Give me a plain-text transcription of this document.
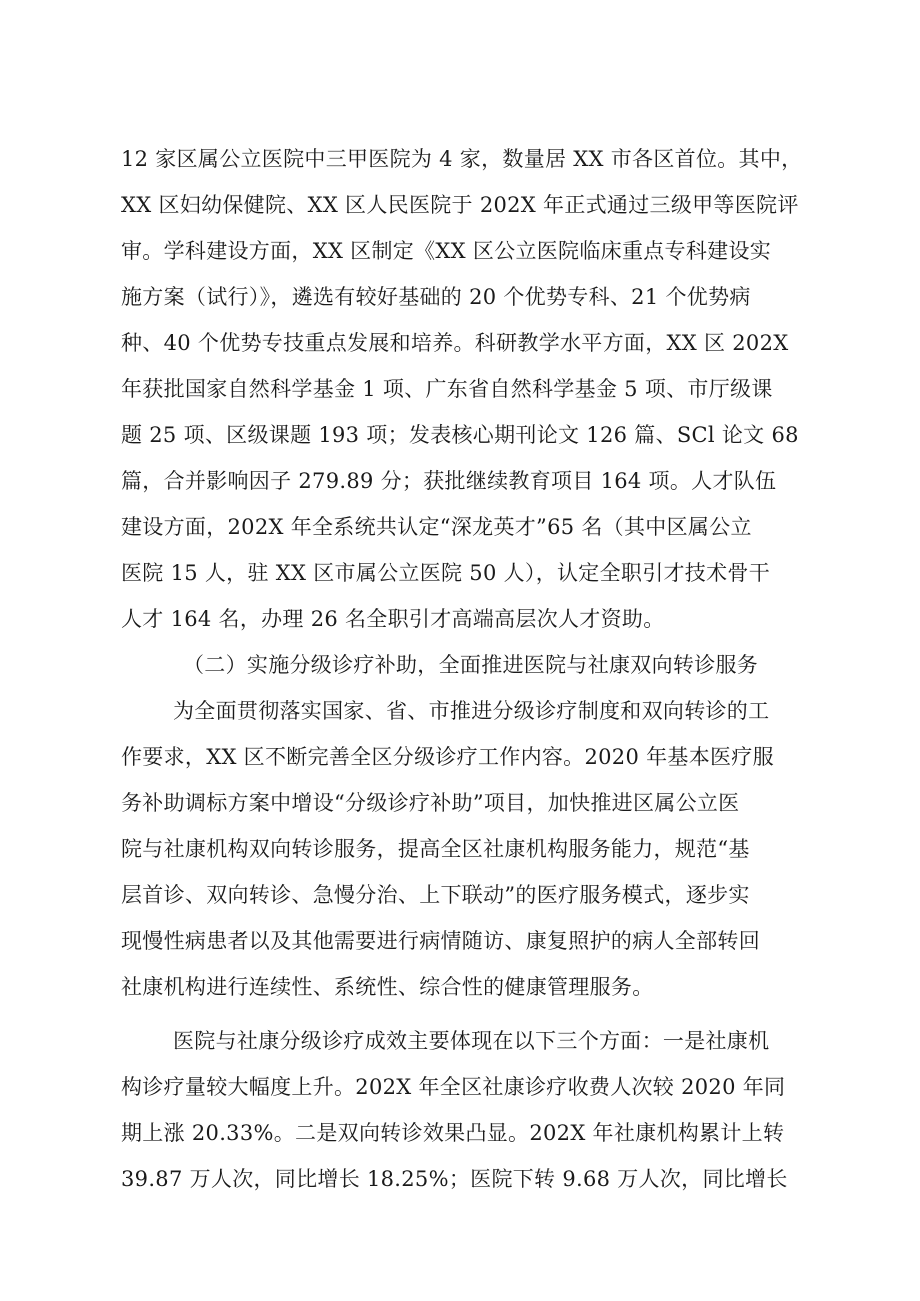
12 家区属公立医院中三甲医院为 4 家，数量居 XX 市各区首位。其中，
XX 区妇幼保健院、XX 区人民医院于 202X 年正式通过三级甲等医院评
审。学科建设方面，XX 区制定《XX 区公立医院临床重点专科建设实
施方案（试行）》，遴选有较好基础的 20 个优势专科、21 个优势病
种、40 个优势专技重点发展和培养。科研教学水平方面，XX 区 202X
年获批国家自然科学基金 1 项、广东省自然科学基金 5 项、市厅级课
题 25 项、区级课题 193 项；发表核心期刊论文 126 篇、SCl 论文 68
篇，合并影响因子 279.89 分；获批继续教育项目 164 项。人才队伍
建设方面，202X 年全系统共认定“深龙英才”65 名（其中区属公立
医院 15 人，驻 XX 区市属公立医院 50 人），认定全职引才技术骨干
人才 164 名，办理 26 名全职引才高端高层次人才资助。
（二）实施分级诊疗补助，全面推进医院与社康双向转诊服务
为全面贯彻落实国家、省、市推进分级诊疗制度和双向转诊的工
作要求，XX 区不断完善全区分级诊疗工作内容。2020 年基本医疗服
务补助调标方案中增设“分级诊疗补助”项目，加快推进区属公立医
院与社康机构双向转诊服务，提高全区社康机构服务能力，规范“基
层首诊、双向转诊、急慢分治、上下联动”的医疗服务模式，逐步实
现慢性病患者以及其他需要进行病情随访、康复照护的病人全部转回
社康机构进行连续性、系统性、综合性的健康管理服务。
医院与社康分级诊疗成效主要体现在以下三个方面：一是社康机
构诊疗量较大幅度上升。202X 年全区社康诊疗收费人次较 2020 年同
期上涨 20.33%。二是双向转诊效果凸显。202X 年社康机构累计上转
39.87 万人次，同比增长 18.25%；医院下转 9.68 万人次，同比增长
